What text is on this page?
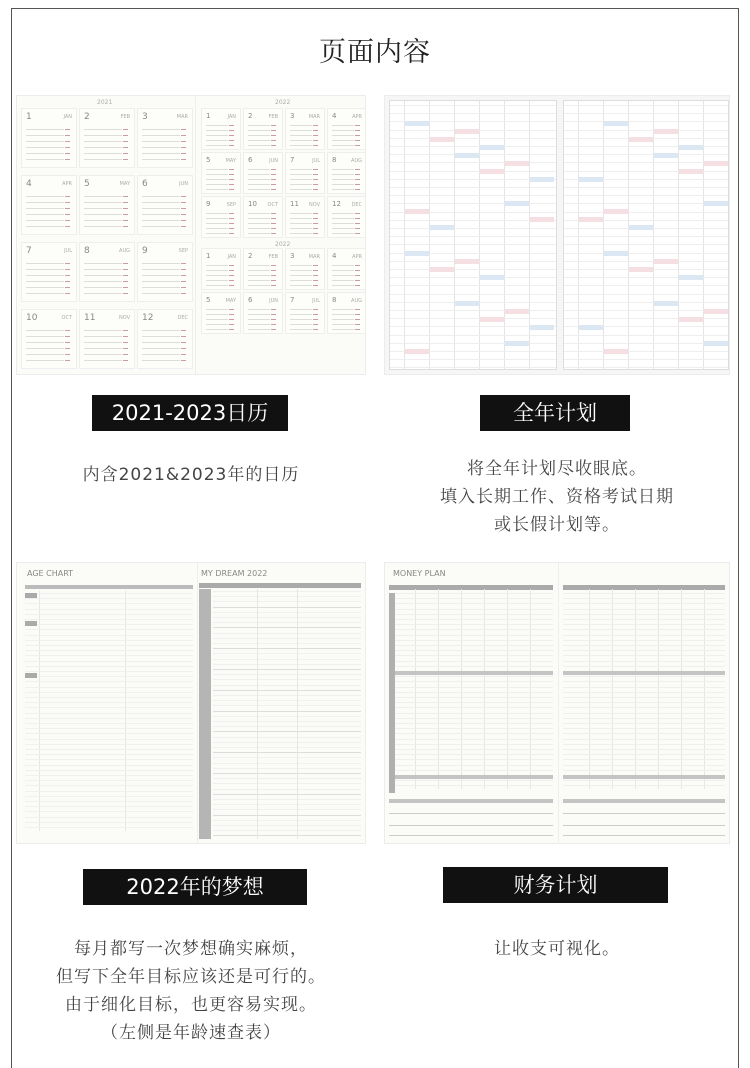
页面内容
2021	2022
2022
1	JAN 2	FEB 3	MAR
4	APR 5	MAY 6	JUN
7	JUL 8	AUG 9	SEP
10	OCT 11	NOV 12	DEC
1	JAN 2	FEB 3	MAR 4	APR
5	MAY 6	JUN 7	JUL 8	AUG
9	SEP 10 OCT 11 NOV 12 DEC
1	JAN 2	FEB 3	MAR 4	APR
5	MAY 6	JUN 7	JUL 8	AUG
2021-2023日历
内含2021&2023年的日历
全年计划
将全年计划尽收眼底。
填入长期工作、资格考试日期
或长假计划等。
AGE CHART	MY DREAM 2022
2022年的梦想
每月都写一次梦想确实麻烦，
但写下全年目标应该还是可行的。
由于细化目标，也更容易实现。
（左侧是年龄速查表）
MONEY PLAN
财务计划
让收支可视化。
